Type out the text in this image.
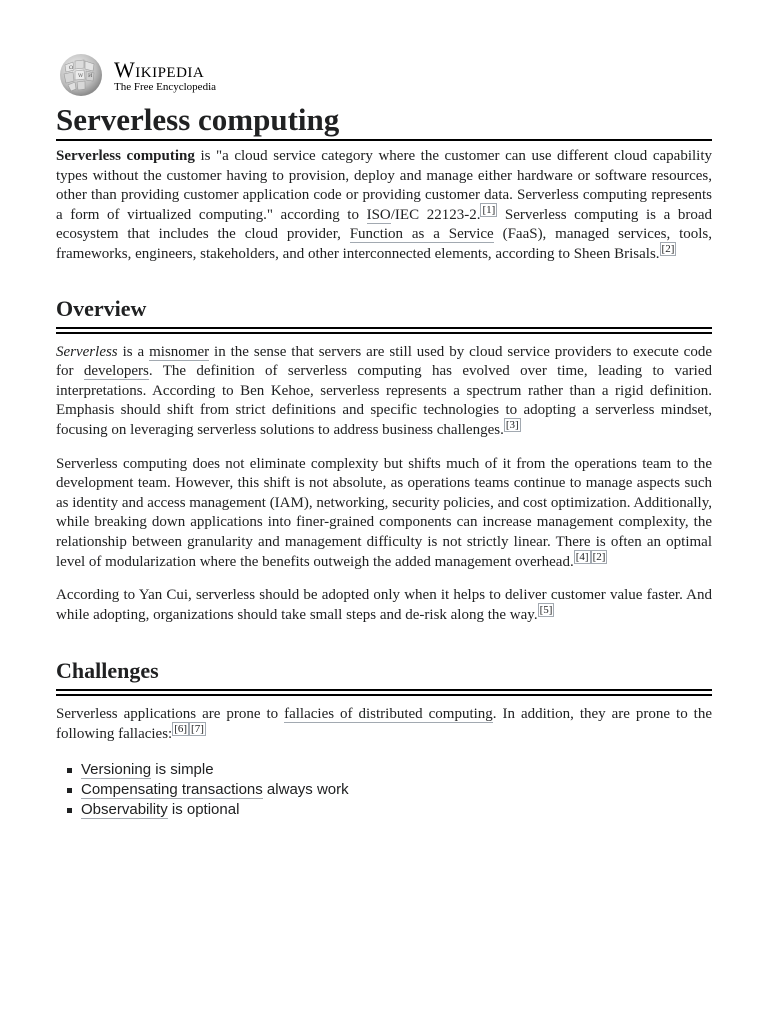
Ω
W И Wikipedia
The Free Encyclopedia
Serverless computing

Serverless computing is "a cloud service category where the customer can use different cloud capability types without the customer having to provision, deploy and manage either hardware or software resources, other than providing customer application code or providing customer data. Serverless computing represents a form of virtualized computing." according to ISO/IEC 22123-2. [1] Serverless computing is a broad ecosystem that includes the cloud provider, Function as a Service (FaaS), managed services, tools, frameworks, engineers, stakeholders, and other interconnected elements, according to Sheen Brisals. [2]

Overview

Serverless is a misnomer in the sense that servers are still used by cloud service providers to execute code for developers. The definition of serverless computing has evolved over time, leading to varied interpretations. According to Ben Kehoe, serverless represents a spectrum rather than a rigid definition. Emphasis should shift from strict definitions and specific technologies to adopting a serverless mindset, focusing on leveraging serverless solutions to address business challenges. [3]

Serverless computing does not eliminate complexity but shifts much of it from the operations team to the development team. However, this shift is not absolute, as operations teams continue to manage aspects such as identity and access management (IAM), networking, security policies, and cost optimization. Additionally, while breaking down applications into finer-grained components can increase management complexity, the relationship between granularity and management difficulty is not strictly linear. There is often an optimal level of modularization where the benefits outweigh the added management overhead. [4] [2]

According to Yan Cui, serverless should be adopted only when it helps to deliver customer value faster. And while adopting, organizations should take small steps and de-risk along the way. [5]

Challenges

Serverless applications are prone to fallacies of distributed computing. In addition, they are prone to the following fallacies: [6] [7]

Versioning is simple
Compensating transactions always work
Observability is optional
